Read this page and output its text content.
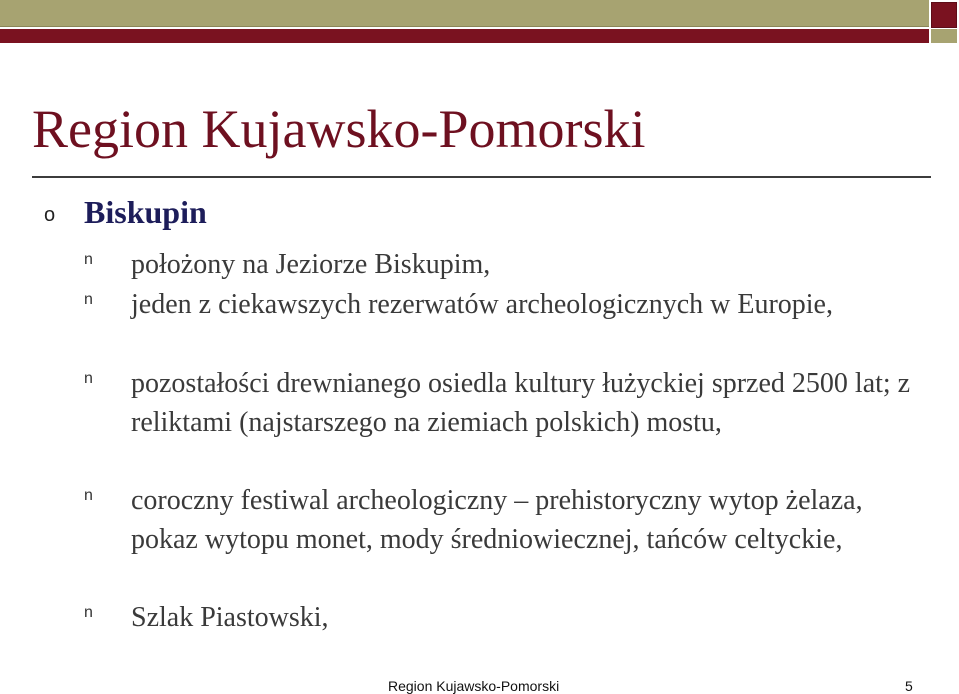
Region Kujawsko-Pomorski
o Biskupin
n położony na Jeziorze Biskupim,
n jeden z ciekawszych rezerwatów archeologicznych w Europie,
n pozostałości drewnianego osiedla kultury łużyckiej sprzed 2500 lat; z reliktami (najstarszego na ziemiach polskich) mostu,
n coroczny festiwal archeologiczny – prehistoryczny wytop żelaza, pokaz wytopu monet, mody średniowiecznej, tańców celtyckie,
n Szlak Piastowski,
Region Kujawsko-Pomorski	5
